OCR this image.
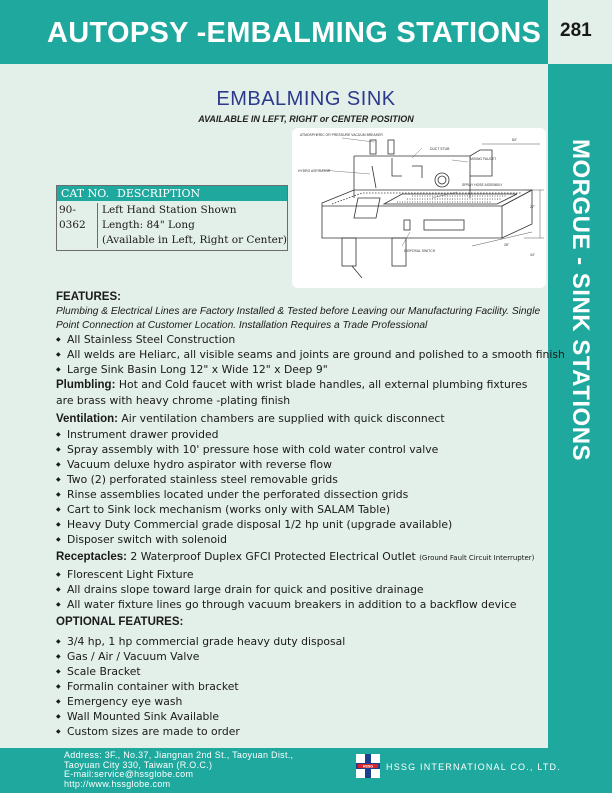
AUTOPSY -EMBALMING STATIONS 281
MORGUE - SINK STATIONS
EMBALMING SINK
AVAILABLE IN LEFT, RIGHT or CENTER POSITION
ATMOSPHERIC OR PRESSURE VACUUM BREAKER
DUCT STUB
MIXING FAUCET
HYDRO ASPIRATOR
SPRAY HOSE ASSEMBLY
DISPOSAL SWITCH
84"
27"
34"
28"
CAT NO. DESCRIPTION
90-0362
Left Hand Station Shown
Length: 84" Long
(Available in Left, Right or Center)
FEATURES:
Plumbing & Electrical Lines are Factory Installed & Tested before Leaving our Manufacturing Facility. Single Point Connection at Customer Location. Installation Requires a Trade Professional
◆ All Stainless Steel Construction
◆ All welds are Heliarc, all visible seams and joints are ground and polished to a smooth finish
◆ Large Sink Basin Long 12" x Wide 12" x Deep 9"
Plumbling: Hot and Cold faucet with wrist blade handles, all external plumbing fixtures are brass with heavy chrome -plating finish
Ventilation: Air ventilation chambers are supplied with quick disconnect
◆ Instrument drawer provided
◆ Spray assembly with 10' pressure hose with cold water control valve
◆ Vacuum deluxe hydro aspirator with reverse flow
◆ Two (2) perforated stainless steel removable grids
◆ Rinse assemblies located under the perforated dissection grids
◆ Cart to Sink lock mechanism (works only with SALAM Table)
◆ Heavy Duty Commercial grade disposal 1/2 hp unit (upgrade available)
◆ Disposer switch with solenoid
Receptacles: 2 Waterproof Duplex GFCI Protected Electrical Outlet (Ground Fault Circuit Interrupter)
◆ Florescent Light Fixture
◆ All drains slope toward large drain for quick and positive drainage
◆ All water fixture lines go through vacuum breakers in addition to a backflow device
OPTIONAL FEATURES:
◆ 3/4 hp, 1 hp commercial grade heavy duty disposal
◆ Gas / Air / Vacuum Valve
◆ Scale Bracket
◆ Formalin container with bracket
◆ Emergency eye wash
◆ Wall Mounted Sink Available
◆ Custom sizes are made to order
Address: 3F., No.37, Jiangnan 2nd St., Taoyuan Dist.,
Taoyuan City 330, Taiwan (R.O.C.)
E-mail:service@hssglobe.com
http://www.hssglobe.com
HSSG HSSG INTERNATIONAL CO., LTD.
